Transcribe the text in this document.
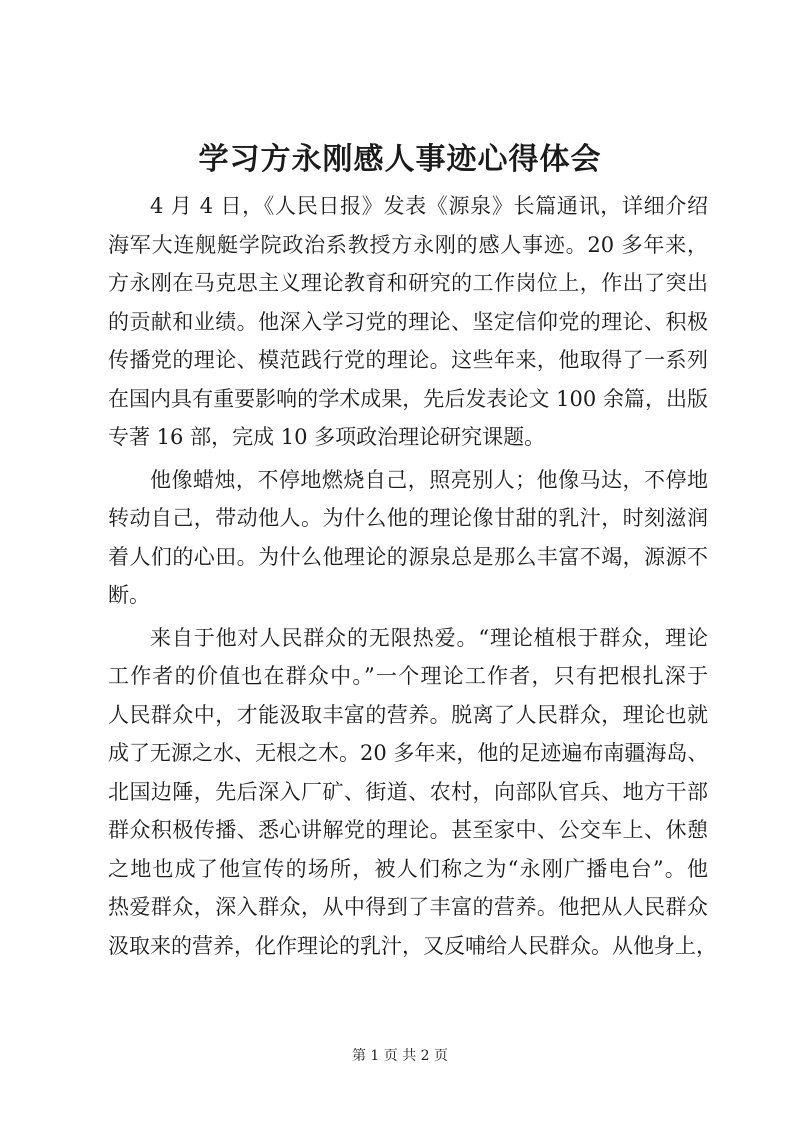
学习方永刚感人事迹心得体会
4 月 4 日，《人民日报》发表《源泉》长篇通讯，详细介绍
海军大连舰艇学院政治系教授方永刚的感人事迹。20 多年来，
方永刚在马克思主义理论教育和研究的工作岗位上，作出了突出
的贡献和业绩。他深入学习党的理论、坚定信仰党的理论、积极
传播党的理论、模范践行党的理论。这些年来，他取得了一系列
在国内具有重要影响的学术成果，先后发表论文 100 余篇，出版
专著 16 部，完成 10 多项政治理论研究课题。
他像蜡烛，不停地燃烧自己，照亮别人；他像马达，不停地
转动自己，带动他人。为什么他的理论像甘甜的乳汁，时刻滋润
着人们的心田。为什么他理论的源泉总是那么丰富不竭，源源不
断。
来自于他对人民群众的无限热爱。“理论植根于群众，理论
工作者的价值也在群众中。”一个理论工作者，只有把根扎深于
人民群众中，才能汲取丰富的营养。脱离了人民群众，理论也就
成了无源之水、无根之木。20 多年来，他的足迹遍布南疆海岛、
北国边陲，先后深入厂矿、街道、农村，向部队官兵、地方干部
群众积极传播、悉心讲解党的理论。甚至家中、公交车上、休憩
之地也成了他宣传的场所，被人们称之为“永刚广播电台”。他
热爱群众，深入群众，从中得到了丰富的营养。他把从人民群众
汲取来的营养，化作理论的乳汁，又反哺给人民群众。从他身上，
第 1 页 共 2 页
